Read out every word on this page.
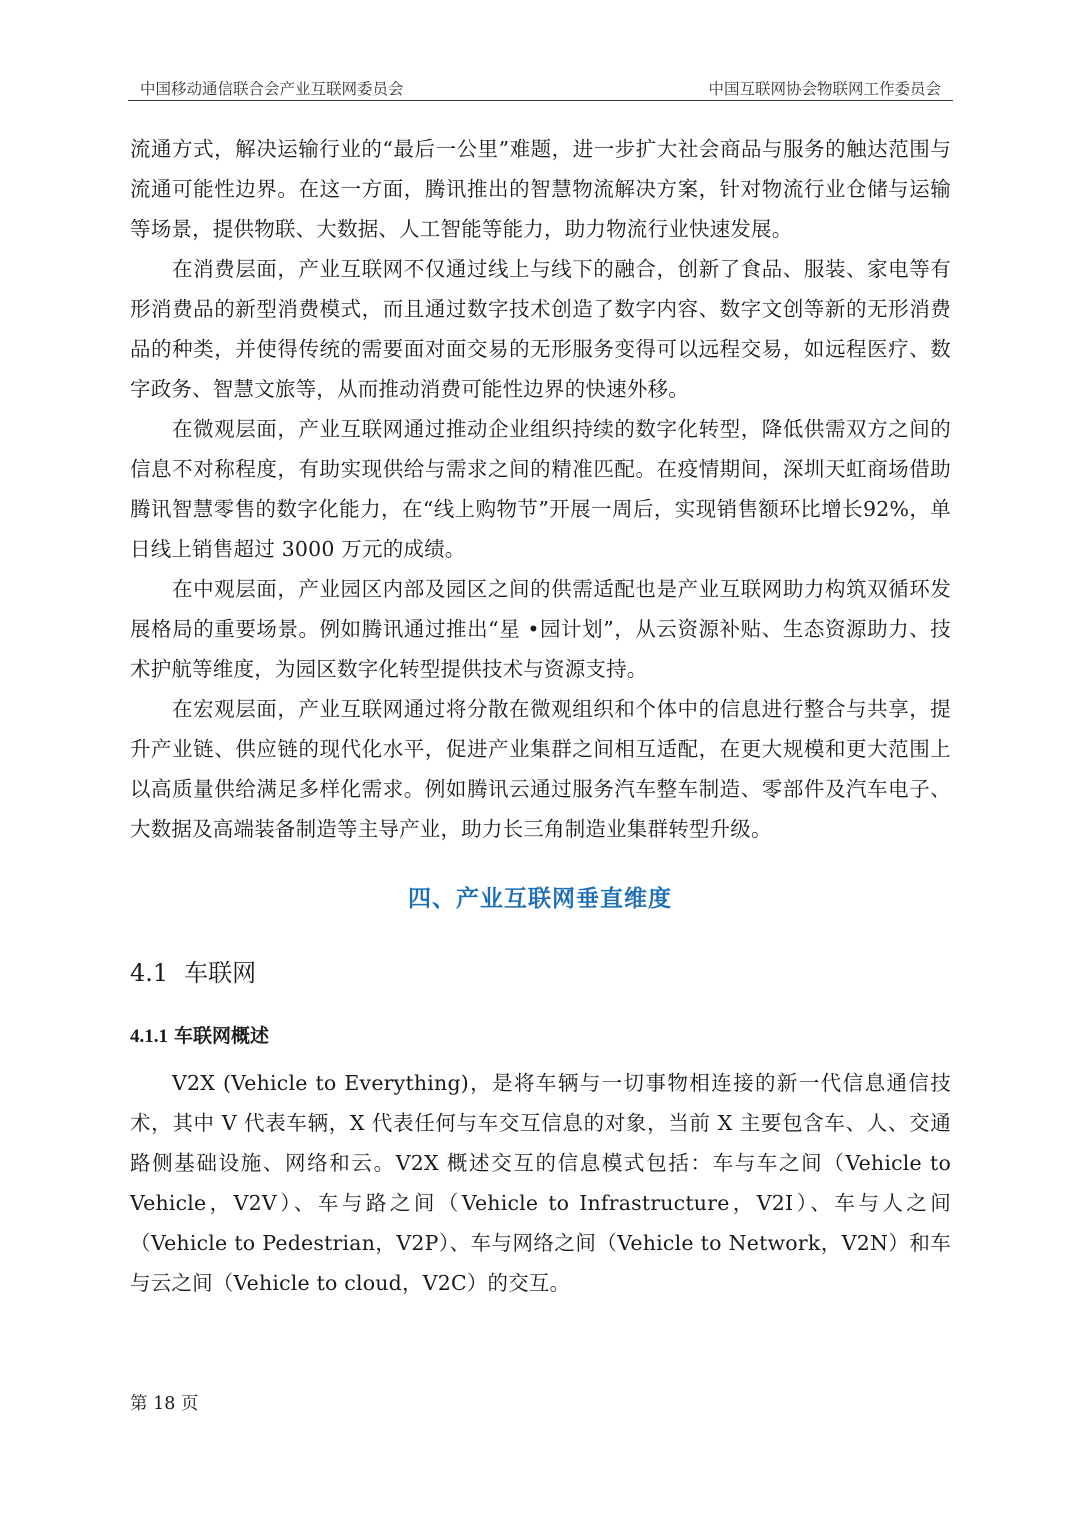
中国移动通信联合会产业互联网委员会	中国互联网协会物联网工作委员会

流通方式，解决运输行业的“最后一公里”难题，进一步扩大社会商品与服务的触达范围与流通可能性边界。在这一方面，腾讯推出的智慧物流解决方案，针对物流行业仓储与运输等场景，提供物联、大数据、人工智能等能力，助力物流行业快速发展。

在消费层面，产业互联网不仅通过线上与线下的融合，创新了食品、服装、家电等有形消费品的新型消费模式，而且通过数字技术创造了数字内容、数字文创等新的无形消费品的种类，并使得传统的需要面对面交易的无形服务变得可以远程交易，如远程医疗、数字政务、智慧文旅等，从而推动消费可能性边界的快速外移。

在微观层面，产业互联网通过推动企业组织持续的数字化转型，降低供需双方之间的信息不对称程度，有助实现供给与需求之间的精准匹配。在疫情期间，深圳天虹商场借助腾讯智慧零售的数字化能力，在“线上购物节”开展一周后，实现销售额环比增长92%，单日线上销售超过 3000 万元的成绩。

在中观层面，产业园区内部及园区之间的供需适配也是产业互联网助力构筑双循环发展格局的重要场景。例如腾讯通过推出“星 •园计划”，从云资源补贴、生态资源助力、技术护航等维度，为园区数字化转型提供技术与资源支持。

在宏观层面，产业互联网通过将分散在微观组织和个体中的信息进行整合与共享，提升产业链、供应链的现代化水平，促进产业集群之间相互适配，在更大规模和更大范围上以高质量供给满足多样化需求。例如腾讯云通过服务汽车整车制造、零部件及汽车电子、大数据及高端装备制造等主导产业，助力长三角制造业集群转型升级。

四、产业互联网垂直维度
4.1 车联网
4.1.1 车联网概述

V2X (Vehicle to Everything)，是将车辆与一切事物相连接的新一代信息通信技术，其中 V 代表车辆，X 代表任何与车交互信息的对象，当前 X 主要包含车、人、交通路侧基础设施、网络和云。V2X 概述交互的信息模式包括：车与车之间（Vehicle to Vehicle，V2V）、车与路之间（Vehicle to Infrastructure，V2I）、车与人之间（Vehicle to Pedestrian，V2P）、车与网络之间（Vehicle to Network，V2N）和车与云之间（Vehicle to cloud，V2C）的交互。

第 18 页
